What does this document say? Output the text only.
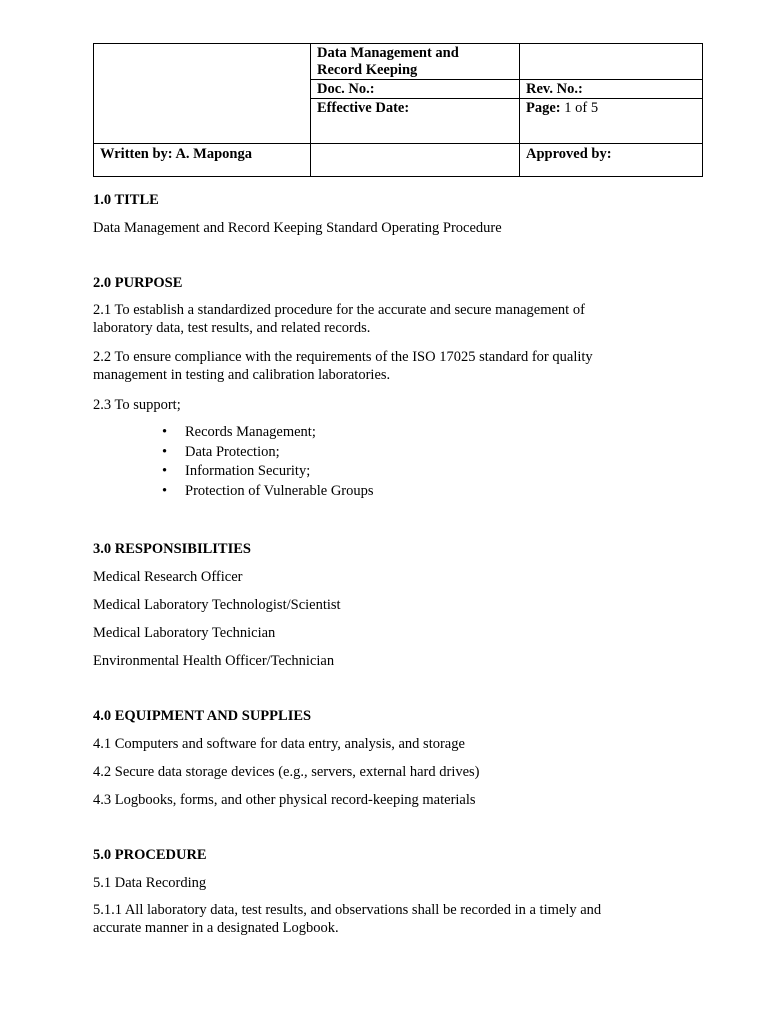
	Data Management and
Record Keeping	

	Doc. No.:	Rev. No.:
	Effective Date:	Page: 1 of 5
Written by: A. Maponga		Approved by:
1.0 TITLE
Data Management and Record Keeping Standard Operating Procedure
2.0 PURPOSE
2.1 To establish a standardized procedure for the accurate and secure management of
laboratory data, test results, and related records.
2.2 To ensure compliance with the requirements of the ISO 17025 standard for quality
management in testing and calibration laboratories.
2.3 To support;
• Records Management;
• Data Protection;
• Information Security;
• Protection of Vulnerable Groups
3.0 RESPONSIBILITIES
Medical Research Officer
Medical Laboratory Technologist/Scientist
Medical Laboratory Technician
Environmental Health Officer/Technician
4.0 EQUIPMENT AND SUPPLIES
4.1 Computers and software for data entry, analysis, and storage
4.2 Secure data storage devices (e.g., servers, external hard drives)
4.3 Logbooks, forms, and other physical record-keeping materials
5.0 PROCEDURE
5.1 Data Recording
5.1.1 All laboratory data, test results, and observations shall be recorded in a timely and
accurate manner in a designated Logbook.
